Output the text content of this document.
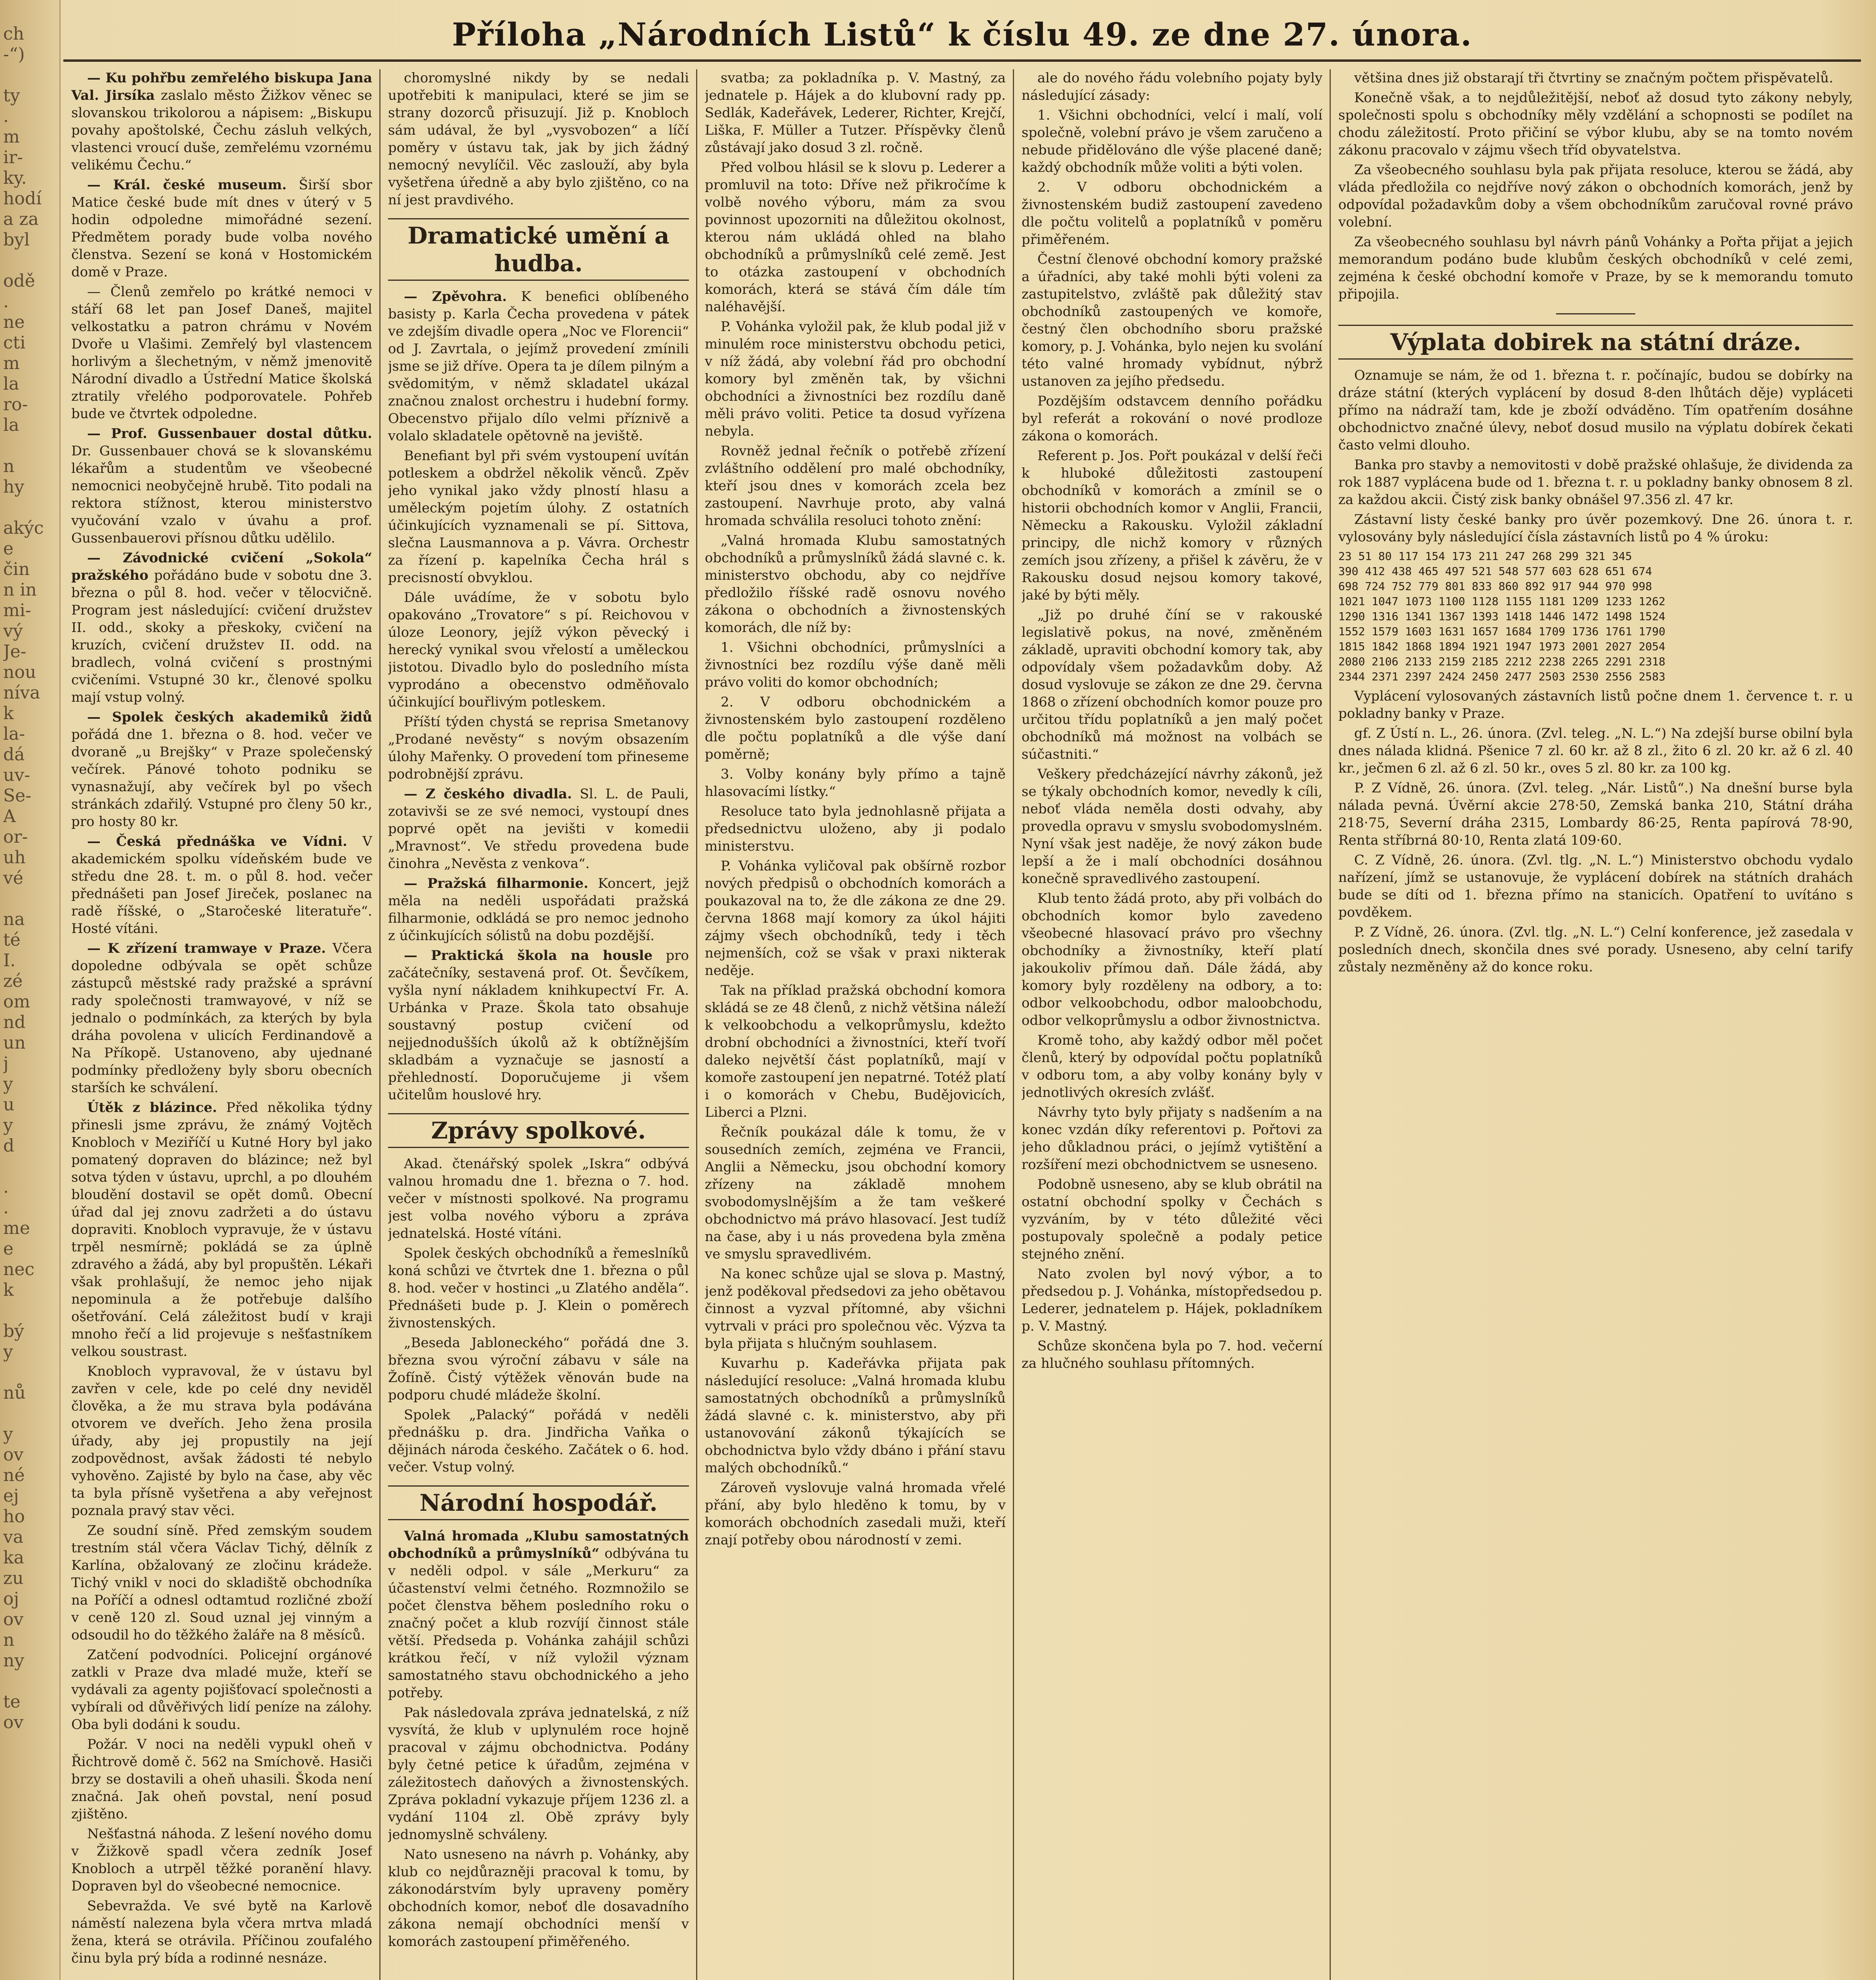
ch
-“)

ty
.
m
ir-
ky.
hodí
a za
byl

odě
.
ne
cti
m
la
ro-
la

n
hy

akýc
e
čin
n in
mi-
vý
Je-
nou
níva
k
la-
dá
uv-
Se-
A
or-
uh
vé

na
té
I.
zé
om
nd
un
j
y
u
y
d

.
.
me
e
nec
k

bý
y

nů

y
ov
né
ej
ho
va
ka
zu
oj
ov
n
ny

te
ov
Příloha „Národních Listů“ k číslu 49. ze dne 27. února.
— Ku pohřbu zemřelého biskupa Jana Val. Jirsíka zaslalo město Žižkov věnec se slovanskou trikolorou a nápisem: „Biskupu povahy apoštolské, Čechu zásluh velkých, vlastenci vroucí duše, zemřelému vzornému velikému Čechu.“
— Král. české museum. Širší sbor Matice české bude mít dnes v úterý v 5 hodin odpoledne mimořádné sezení. Předmětem porady bude volba nového členstva. Sezení se koná v Hostomickém domě v Praze.
— Členů zemřelo po krátké nemoci v stáří 68 let pan Josef Daneš, majitel velkostatku a patron chrámu v Novém Dvoře u Vlašimi. Zemřelý byl vlastencem horlivým a šlechetným, v němž jmenovitě Národní divadlo a Ústřední Matice školská ztratily vřelého podporovatele. Pohřeb bude ve čtvrtek odpoledne.
— Prof. Gussenbauer dostal důtku. Dr. Gussenbauer chová se k slovanskému lékařům a studentům ve všeobecné nemocnici neobyčejně hrubě. Tito podali na rektora stížnost, kterou ministerstvo vyučování vzalo v úvahu a prof. Gussenbauerovi přísnou důtku udělilo.
— Závodnické cvičení „Sokola“ pražského pořádáno bude v sobotu dne 3. března o půl 8. hod. večer v tělocvičně. Program jest následující: cvičení družstev II. odd., skoky a přeskoky, cvičení na kruzích, cvičení družstev II. odd. na bradlech, volná cvičení s prostnými cvičeními. Vstupné 30 kr., členové spolku mají vstup volný.
— Spolek českých akademiků židů pořádá dne 1. března o 8. hod. večer ve dvoraně „u Brejšky“ v Praze společenský večírek. Pánové tohoto podniku se vynasnažují, aby večírek byl po všech stránkách zdařilý. Vstupné pro členy 50 kr., pro hosty 80 kr.
— Česká přednáška ve Vídni. V akademickém spolku vídeňském bude ve středu dne 28. t. m. o půl 8. hod. večer přednášeti pan Josef Jireček, poslanec na radě říšské, o „Staročeské literatuře“. Hosté vítáni.
— K zřízení tramwaye v Praze. Včera dopoledne odbývala se opět schůze zástupců městské rady pražské a správní rady společnosti tramwayové, v níž se jednalo o podmínkách, za kterých by byla dráha povolena v ulicích Ferdinandově a Na Příkopě. Ustanoveno, aby ujednané podmínky předloženy byly sboru obecních starších ke schválení.
Útěk z blázince. Před několika týdny přinesli jsme zprávu, že známý Vojtěch Knobloch v Meziříčí u Kutné Hory byl jako pomatený dopraven do blázince; než byl sotva týden v ústavu, uprchl, a po dlouhém bloudění dostavil se opět domů. Obecní úřad dal jej znovu zadržeti a do ústavu dopraviti. Knobloch vypravuje, že v ústavu trpěl nesmírně; pokládá se za úplně zdravého a žádá, aby byl propuštěn. Lékaři však prohlašují, že nemoc jeho nijak nepominula a že potřebuje dalšího ošetřování. Celá záležitost budí v kraji mnoho řečí a lid projevuje s nešťastníkem velkou soustrast.
Knobloch vypravoval, že v ústavu byl zavřen v cele, kde po celé dny neviděl člověka, a že mu strava byla podávána otvorem ve dveřích. Jeho žena prosila úřady, aby jej propustily na její zodpovědnost, avšak žádosti té nebylo vyhověno. Zajisté by bylo na čase, aby věc ta byla přísně vyšetřena a aby veřejnost poznala pravý stav věci.
Ze soudní síně. Před zemským soudem trestním stál včera Václav Tichý, dělník z Karlína, obžalovaný ze zločinu krádeže. Tichý vnikl v noci do skladiště obchodníka na Poříčí a odnesl odtamtud rozličné zboží v ceně 120 zl. Soud uznal jej vinným a odsoudil ho do těžkého žaláře na 8 měsíců.
Zatčení podvodníci. Policejní orgánové zatkli v Praze dva mladé muže, kteří se vydávali za agenty pojišťovací společnosti a vybírali od důvěřivých lidí peníze na zálohy. Oba byli dodáni k soudu.
Požár. V noci na neděli vypukl oheň v Řichtrově domě č. 562 na Smíchově. Hasiči brzy se dostavili a oheň uhasili. Škoda není značná. Jak oheň povstal, není posud zjištěno.
Nešťastná náhoda. Z lešení nového domu v Žižkově spadl včera zedník Josef Knobloch a utrpěl těžké poranění hlavy. Dopraven byl do všeobecné nemocnice.
Sebevražda. Ve své bytě na Karlově náměstí nalezena byla včera mrtva mladá žena, která se otrávila. Příčinou zoufalého činu byla prý bída a rodinné nesnáze.
choromyslné nikdy by se nedali upotřebiti k manipulaci, které se jim se strany dozorců přisuzují. Již p. Knobloch sám udával, že byl „vysvobozen“ a líčí poměry v ústavu tak, jak by jich žádný nemocný nevylíčil. Věc zaslouží, aby byla vyšetřena úředně a aby bylo zjištěno, co na ní jest pravdivého.
Dramatické umění a hudba.
— Zpěvohra. K benefici oblíbeného basisty p. Karla Čecha provedena v pátek ve zdejším divadle opera „Noc ve Florencii“ od J. Zavrtala, o jejímž provedení zmínili jsme se již dříve. Opera ta je dílem pilným a svědomitým, v němž skladatel ukázal značnou znalost orchestru i hudební formy. Obecenstvo přijalo dílo velmi příznivě a volalo skladatele opětovně na jeviště.
Benefiant byl při svém vystoupení uvítán potleskem a obdržel několik věnců. Zpěv jeho vynikal jako vždy plností hlasu a uměleckým pojetím úlohy. Z ostatních účinkujících vyznamenali se pí. Sittova, slečna Lausmannova a p. Vávra. Orchestr za řízení p. kapelníka Čecha hrál s precisností obvyklou.
Dále uvádíme, že v sobotu bylo opakováno „Trovatore“ s pí. Reichovou v úloze Leonory, jejíž výkon pěvecký i herecký vynikal svou vřelostí a uměleckou jistotou. Divadlo bylo do posledního místa vyprodáno a obecenstvo odměňovalo účinkující bouřlivým potleskem.
Příští týden chystá se reprisa Smetanovy „Prodané nevěsty“ s novým obsazením úlohy Mařenky. O provedení tom přineseme podrobnější zprávu.
— Z českého divadla. Sl. L. de Pauli, zotavivši se ze své nemoci, vystoupí dnes poprvé opět na jevišti v komedii „Mravnost“. Ve středu provedena bude činohra „Nevěsta z venkova“.
— Pražská filharmonie. Koncert, jejž měla na neděli uspořádati pražská filharmonie, odkládá se pro nemoc jednoho z účinkujících sólistů na dobu pozdější.
— Praktická škola na housle pro začátečníky, sestavená prof. Ot. Ševčíkem, vyšla nyní nákladem knihkupectví Fr. A. Urbánka v Praze. Škola tato obsahuje soustavný postup cvičení od nejjednodušších úkolů až k obtížnějším skladbám a vyznačuje se jasností a přehledností. Doporučujeme ji všem učitelům houslové hry.
Zprávy spolkové.
Akad. čtenářský spolek „Iskra“ odbývá valnou hromadu dne 1. března o 7. hod. večer v místnosti spolkové. Na programu jest volba nového výboru a zpráva jednatelská. Hosté vítáni.
Spolek českých obchodníků a řemeslníků koná schůzi ve čtvrtek dne 1. března o půl 8. hod. večer v hostinci „u Zlatého anděla“. Přednášeti bude p. J. Klein o poměrech živnostenských.
„Beseda Jabloneckého“ pořádá dne 3. března svou výroční zábavu v sále na Žofíně. Čistý výtěžek věnován bude na podporu chudé mládeže školní.
Spolek „Palacký“ pořádá v neděli přednášku p. dra. Jindřicha Vaňka o dějinách národa českého. Začátek o 6. hod. večer. Vstup volný.
Národní hospodář.
Valná hromada „Klubu samostatných obchodníků a průmyslníků“ odbývána tu v neděli odpol. v sále „Merkuru“ za účastenství velmi četného. Rozmnožilo se počet členstva během posledního roku o značný počet a klub rozvíjí činnost stále větší. Předseda p. Vohánka zahájil schůzi krátkou řečí, v níž vyložil význam samostatného stavu obchodnického a jeho potřeby.
Pak následovala zpráva jednatelská, z níž vysvítá, že klub v uplynulém roce hojně pracoval v zájmu obchodnictva. Podány byly četné petice k úřadům, zejména v záležitostech daňových a živnostenských. Zpráva pokladní vykazuje příjem 1236 zl. a vydání 1104 zl. Obě zprávy byly jednomyslně schváleny.
Nato usneseno na návrh p. Vohánky, aby klub co nejdůrazněji pracoval k tomu, by zákonodárstvím byly upraveny poměry obchodních komor, neboť dle dosavadního zákona nemají obchodníci menší v komorách zastoupení přiměřeného.
svatba; za pokladníka p. V. Mastný, za jednatele p. Hájek a do klubovní rady pp. Sedlák, Kadeřávek, Lederer, Richter, Krejčí, Liška, F. Müller a Tutzer. Příspěvky členů zůstávají jako dosud 3 zl. ročně.
Před volbou hlásil se k slovu p. Lederer a promluvil na toto: Dříve než přikročíme k volbě nového výboru, mám za svou povinnost upozorniti na důležitou okolnost, kterou nám ukládá ohled na blaho obchodníků a průmyslníků celé země. Jest to otázka zastoupení v obchodních komorách, která se stává čím dále tím naléhavější.
P. Vohánka vyložil pak, že klub podal již v minulém roce ministerstvu obchodu petici, v níž žádá, aby volební řád pro obchodní komory byl změněn tak, by všichni obchodníci a živnostníci bez rozdílu daně měli právo voliti. Petice ta dosud vyřízena nebyla.
Rovněž jednal řečník o potřebě zřízení zvláštního oddělení pro malé obchodníky, kteří jsou dnes v komorách zcela bez zastoupení. Navrhuje proto, aby valná hromada schválila resoluci tohoto znění:
„Valná hromada Klubu samostatných obchodníků a průmyslníků žádá slavné c. k. ministerstvo obchodu, aby co nejdříve předložilo říšské radě osnovu nového zákona o obchodních a živnostenských komorách, dle níž by:
1. Všichni obchodníci, průmyslníci a živnostníci bez rozdílu výše daně měli právo voliti do komor obchodních;
2. V odboru obchodnickém a živnostenském bylo zastoupení rozděleno dle počtu poplatníků a dle výše daní poměrně;
3. Volby konány byly přímo a tajně hlasovacími lístky.“
Resoluce tato byla jednohlasně přijata a předsednictvu uloženo, aby ji podalo ministerstvu.
P. Vohánka vyličoval pak obšírně rozbor nových předpisů o obchodních komorách a poukazoval na to, že dle zákona ze dne 29. června 1868 mají komory za úkol hájiti zájmy všech obchodníků, tedy i těch nejmenších, což se však v praxi nikterak neděje.
Tak na příklad pražská obchodní komora skládá se ze 48 členů, z nichž většina náleží k velkoobchodu a velkoprůmyslu, kdežto drobní obchodníci a živnostníci, kteří tvoří daleko největší část poplatníků, mají v komoře zastoupení jen nepatrné. Totéž platí i o komorách v Chebu, Budějovicích, Liberci a Plzni.
Řečník poukázal dále k tomu, že v sousedních zemích, zejména ve Francii, Anglii a Německu, jsou obchodní komory zřízeny na základě mnohem svobodomyslnějším a že tam veškeré obchodnictvo má právo hlasovací. Jest tudíž na čase, aby i u nás provedena byla změna ve smyslu spravedlivém.
Na konec schůze ujal se slova p. Mastný, jenž poděkoval předsedovi za jeho obětavou činnost a vyzval přítomné, aby všichni vytrvali v práci pro společnou věc. Výzva ta byla přijata s hlučným souhlasem.
Kuvarhu p. Kadeřávka přijata pak následující resoluce: „Valná hromada klubu samostatných obchodníků a průmyslníků žádá slavné c. k. ministerstvo, aby při ustanovování zákonů týkajících se obchodnictva bylo vždy dbáno i přání stavu malých obchodníků.“
Zároveň vyslovuje valná hromada vřelé přání, aby bylo hleděno k tomu, by v komorách obchodních zasedali muži, kteří znají potřeby obou národností v zemi.
ale do nového řádu volebního pojaty byly následující zásady:
1. Všichni obchodníci, velcí i malí, volí společně, volební právo je všem zaručeno a nebude přidělováno dle výše placené daně; každý obchodník může voliti a býti volen.
2. V odboru obchodnickém a živnostenském budiž zastoupení zavedeno dle počtu volitelů a poplatníků v poměru přiměřeném.
Čestní členové obchodní komory pražské a úřadníci, aby také mohli býti voleni za zastupitelstvo, zvláště pak důležitý stav obchodníků zastoupených ve komoře, čestný člen obchodního sboru pražské komory, p. J. Vohánka, bylo nejen ku svolání této valné hromady vybídnut, nýbrž ustanoven za jejího předsedu.
Pozdějším odstavcem denního pořádku byl referát a rokování o nové prodloze zákona o komorách.
Referent p. Jos. Pořt poukázal v delší řeči k hluboké důležitosti zastoupení obchodníků v komorách a zmínil se o historii obchodních komor v Anglii, Francii, Německu a Rakousku. Vyložil základní principy, dle nichž komory v různých zemích jsou zřízeny, a přišel k závěru, že v Rakousku dosud nejsou komory takové, jaké by býti měly.
„Již po druhé číní se v rakouské legislativě pokus, na nové, změněném základě, upraviti obchodní komory tak, aby odpovídaly všem požadavkům doby. Až dosud vyslovuje se zákon ze dne 29. června 1868 o zřízení obchodních komor pouze pro určitou třídu poplatníků a jen malý počet obchodníků má možnost na volbách se súčastniti.“
Veškery předcházející návrhy zákonů, jež se týkaly obchodních komor, nevedly k cíli, neboť vláda neměla dosti odvahy, aby provedla opravu v smyslu svobodomyslném. Nyní však jest naděje, že nový zákon bude lepší a že i malí obchodníci dosáhnou konečně spravedlivého zastoupení.
Klub tento žádá proto, aby při volbách do obchodních komor bylo zavedeno všeobecné hlasovací právo pro všechny obchodníky a živnostníky, kteří platí jakoukoliv přímou daň. Dále žádá, aby komory byly rozděleny na odbory, a to: odbor velkoobchodu, odbor maloobchodu, odbor velkoprůmyslu a odbor živnostnictva.
Kromě toho, aby každý odbor měl počet členů, který by odpovídal počtu poplatníků v odboru tom, a aby volby konány byly v jednotlivých okresích zvlášť.
Návrhy tyto byly přijaty s nadšením a na konec vzdán díky referentovi p. Pořtovi za jeho důkladnou práci, o jejímž vytištění a rozšíření mezi obchodnictvem se usneseno.
Podobně usneseno, aby se klub obrátil na ostatní obchodní spolky v Čechách s vyzváním, by v této důležité věci postupovaly společně a podaly petice stejného znění.
Nato zvolen byl nový výbor, a to předsedou p. J. Vohánka, místopředsedou p. Lederer, jednatelem p. Hájek, pokladníkem p. V. Mastný.
Schůze skončena byla po 7. hod. večerní za hlučného souhlasu přítomných.
většina dnes již obstarají tři čtvrtiny se značným počtem přispěvatelů.
Konečně však, a to nejdůležitější, neboť až dosud tyto zákony nebyly, společnosti spolu s obchodníky měly vzdělání a schopnosti se podílet na chodu záležitostí. Proto přičiní se výbor klubu, aby se na tomto novém zákonu pracovalo v zájmu všech tříd obyvatelstva.
Za všeobecného souhlasu byla pak přijata resoluce, kterou se žádá, aby vláda předložila co nejdříve nový zákon o obchodních komorách, jenž by odpovídal požadavkům doby a všem obchodníkům zaručoval rovné právo volební.
Za všeobecného souhlasu byl návrh pánů Vohánky a Pořta přijat a jejich memorandum podáno bude klubům českých obchodníků v celé zemi, zejména k české obchodní komoře v Praze, by se k memorandu tomuto připojila.
Výplata dobirek na státní dráze.
Oznamuje se nám, že od 1. března t. r. počínajíc, budou se dobírky na dráze státní (kterých vyplácení by dosud 8-den lhůtách děje) vypláceti přímo na nádraží tam, kde je zboží odváděno. Tím opatřením dosáhne obchodnictvo značné úlevy, neboť dosud musilo na výplatu dobírek čekati často velmi dlouho.
Banka pro stavby a nemovitosti v době pražské ohlašuje, že dividenda za rok 1887 vyplácena bude od 1. března t. r. u pokladny banky obnosem 8 zl. za každou akcii. Čistý zisk banky obnášel 97.356 zl. 47 kr.
Zástavní listy české banky pro úvěr pozemkový. Dne 26. února t. r. vylosovány byly následující čísla zástavních listů po 4 % úroku:
23 51 80 117 154 173 211 247 268 299 321 345
390 412 438 465 497 521 548 577 603 628 651 674
698 724 752 779 801 833 860 892 917 944 970 998
1021 1047 1073 1100 1128 1155 1181 1209 1233 1262
1290 1316 1341 1367 1393 1418 1446 1472 1498 1524
1552 1579 1603 1631 1657 1684 1709 1736 1761 1790
1815 1842 1868 1894 1921 1947 1973 2001 2027 2054
2080 2106 2133 2159 2185 2212 2238 2265 2291 2318
2344 2371 2397 2424 2450 2477 2503 2530 2556 2583
Vyplácení vylosovaných zástavních listů počne dnem 1. července t. r. u pokladny banky v Praze.
gf. Z Ústí n. L., 26. února. (Zvl. teleg. „N. L.“) Na zdejší burse obilní byla dnes nálada klidná. Pšenice 7 zl. 60 kr. až 8 zl., žito 6 zl. 20 kr. až 6 zl. 40 kr., ječmen 6 zl. až 6 zl. 50 kr., oves 5 zl. 80 kr. za 100 kg.
P. Z Vídně, 26. února. (Zvl. teleg. „Nár. Listů“.) Na dnešní burse byla nálada pevná. Úvěrní akcie 278·50, Zemská banka 210, Státní dráha 218·75, Severní dráha 2315, Lombardy 86·25, Renta papírová 78·90, Renta stříbrná 80·10, Renta zlatá 109·60.
C. Z Vídně, 26. února. (Zvl. tlg. „N. L.“) Ministerstvo obchodu vydalo nařízení, jímž se ustanovuje, že vyplácení dobírek na státních drahách bude se díti od 1. března přímo na stanicích. Opatření to uvítáno s povděkem.
P. Z Vídně, 26. února. (Zvl. tlg. „N. L.“) Celní konference, jež zasedala v posledních dnech, skončila dnes své porady. Usneseno, aby celní tarify zůstaly nezměněny až do konce roku.
